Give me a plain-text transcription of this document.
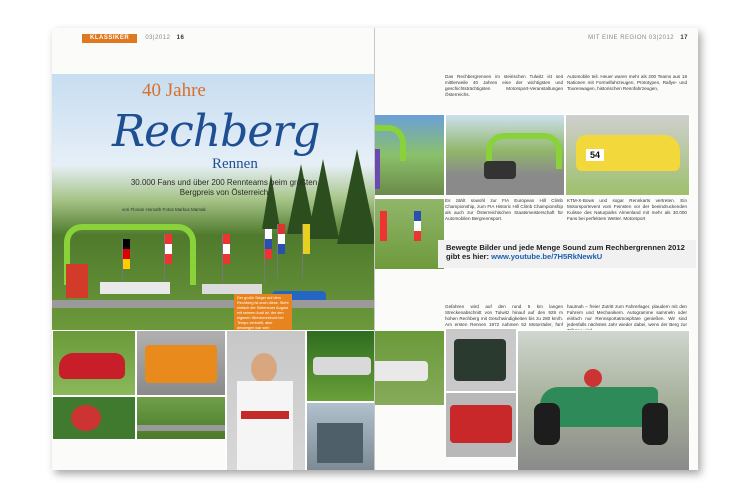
KLASSIKER	03|2012 16
40 Jahre
Rechberg
Rennen
30.000 Fans und über 200 Rennteams beim größten Bergpreis von Österreich
von Florian Horvath Fotos Markus Mamak
Der große Sieger auf dem Rechberg ist auch diese. Sieht einfach der Seiteneuer August mit seinem Audi ist, der den eigenen Streckenrekord bei Tempo verbuhlt, aber deswegen war sein
MIT EINE REGION 03|2012 17
54
Das Rechbergrennen im steirischen Tulwitz ist seit mittlerweile 40 Jahren eine der wichtigsten und geschichtsträchtigsten Motorsport-Veranstaltungen Österreichs.
Automobile teil. Heuer waren mehr als 200 Teams aus 18 Nationen mit Formelfahrzeugen, Prototypen, Rallye- und Tourenwagen, historischen Rennfahrzeugen,
Es zählt sowohl zur FIA European Hill Climb Championship, zum FIA Historic Hill Climb Championship als auch zur Österreichischen Staatsmeisterschaft für Automobilen Bergrennsport.
KTM-X-Bows und sogar Rennkarts vertreten. Ein Motorsportevent vom Feinsten vor der beeindruckenden Kulisse des Naturparks Almenland mit mehr als 30.000 Fans bei perfektem Wetter. Motorsport
Gefahren wird auf den rund 5 km langen Streckenabschnitt von Tulwitz hinauf auf den 928 m hohen Rechberg mit Geschwindigkeiten bis zu 280 km/h. Am ersten Rennen 1972 nahmen 52 Motorräder, fünf
hautnah – freier Zutritt zum Fahrerlager, plaudern mit den Fahrern und Mechanikern. Autogramme sammeln oder einfach nur Rennsportatmosphäre genießen. Wir sind jedenfalls nächstes Jahr wieder dabei, wenn der Berg zur
Bewegte Bilder und jede Menge Sound zum Rechbergrennen 2012
gibt es hier: www.youtube.be/7H5RkNewkU
